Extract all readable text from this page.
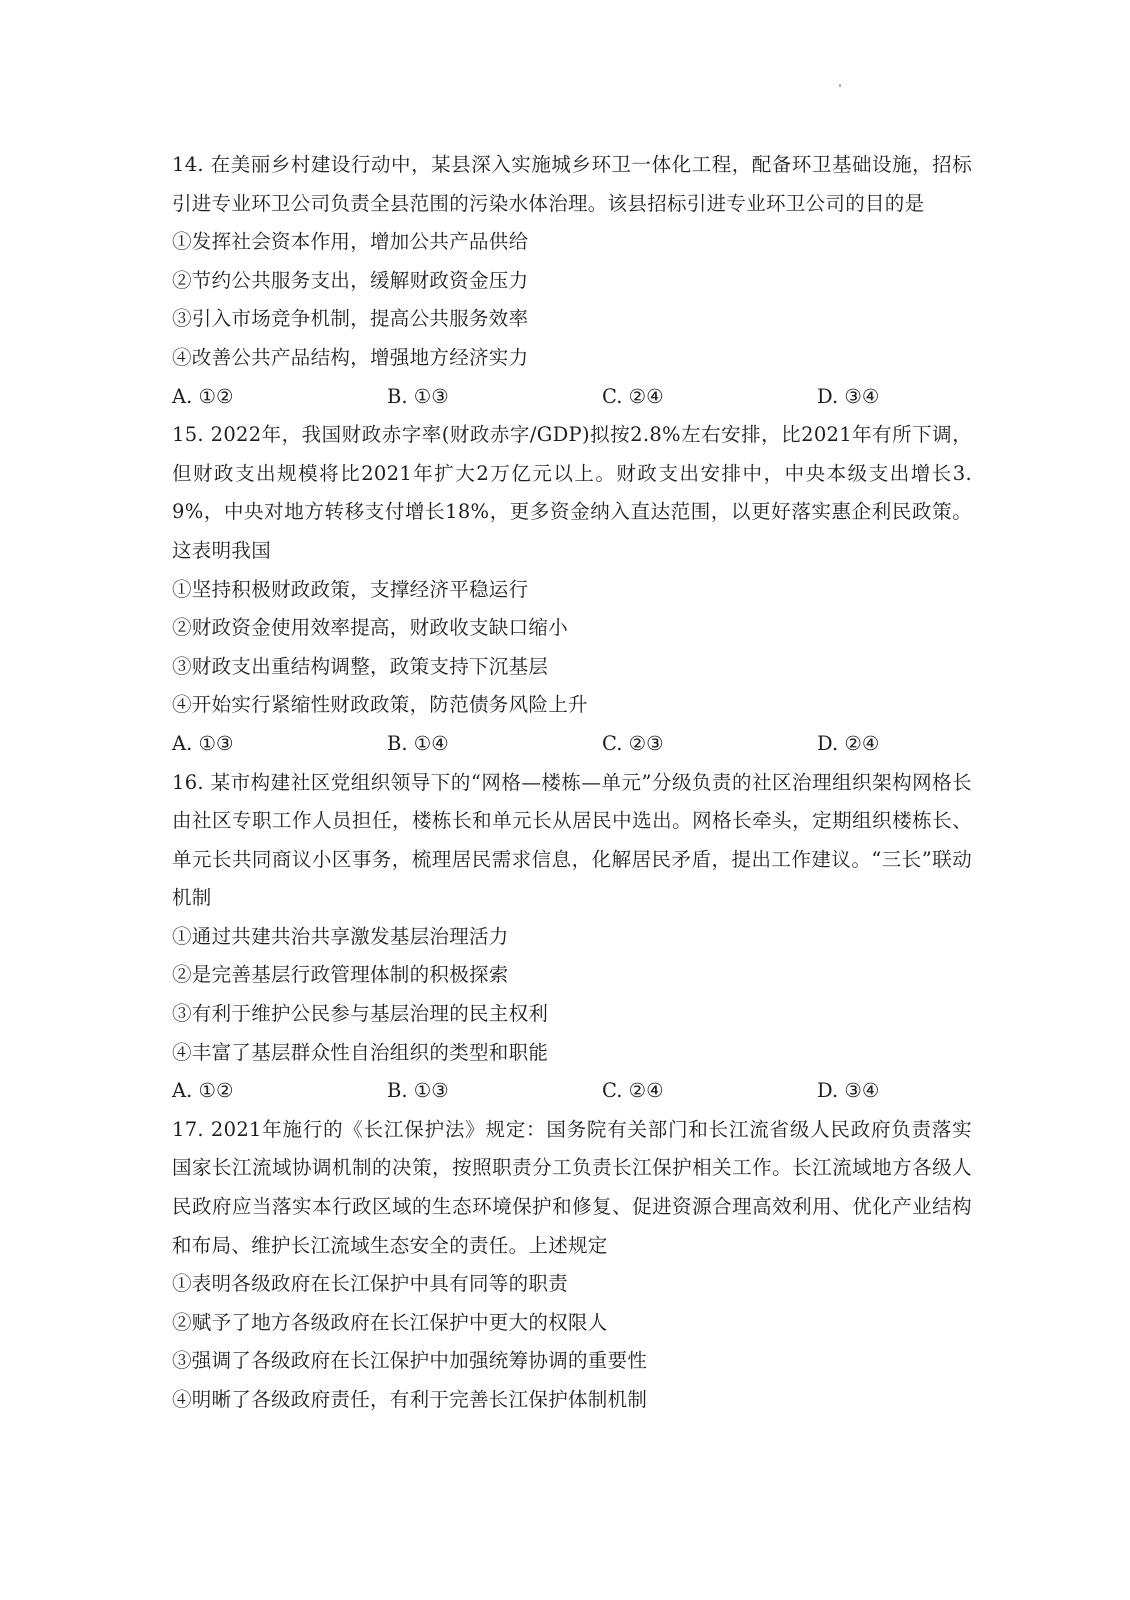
14. 在美丽乡村建设行动中，某县深入实施城乡环卫一体化工程，配备环卫基础设施，招标引进专业环卫公司负责全县范围的污染水体治理。该县招标引进专业环卫公司的目的是

①发挥社会资本作用，增加公共产品供给
②节约公共服务支出，缓解财政资金压力
③引入市场竞争机制，提高公共服务效率
④改善公共产品结构，增强地方经济实力
A. ①②	B. ①③	C. ②④	D. ③④

15. 2022年，我国财政赤字率(财政赤字/GDP)拟按2.8%左右安排，比2021年有所下调，但财政支出规模将比2021年扩大2万亿元以上。财政支出安排中，中央本级支出增长3.9%，中央对地方转移支付增长18%，更多资金纳入直达范围，以更好落实惠企利民政策。这表明我国

①坚持积极财政政策，支撑经济平稳运行
②财政资金使用效率提高，财政收支缺口缩小
③财政支出重结构调整，政策支持下沉基层
④开始实行紧缩性财政政策，防范债务风险上升
A. ①③	B. ①④	C. ②③	D. ②④

16. 某市构建社区党组织领导下的“网格—楼栋—单元”分级负责的社区治理组织架构网格长由社区专职工作人员担任，楼栋长和单元长从居民中选出。网格长牵头，定期组织楼栋长、单元长共同商议小区事务，梳理居民需求信息，化解居民矛盾，提出工作建议。“三长”联动机制

①通过共建共治共享激发基层治理活力
②是完善基层行政管理体制的积极探索
③有利于维护公民参与基层治理的民主权利
④丰富了基层群众性自治组织的类型和职能
A. ①②	B. ①③	C. ②④	D. ③④

17. 2021年施行的《长江保护法》规定：国务院有关部门和长江流省级人民政府负责落实国家长江流域协调机制的决策，按照职责分工负责长江保护相关工作。长江流域地方各级人民政府应当落实本行政区域的生态环境保护和修复、促进资源合理高效利用、优化产业结构和布局、维护长江流域生态安全的责任。上述规定

①表明各级政府在长江保护中具有同等的职责
②赋予了地方各级政府在长江保护中更大的权限人
③强调了各级政府在长江保护中加强统筹协调的重要性
④明晰了各级政府责任，有利于完善长江保护体制机制
